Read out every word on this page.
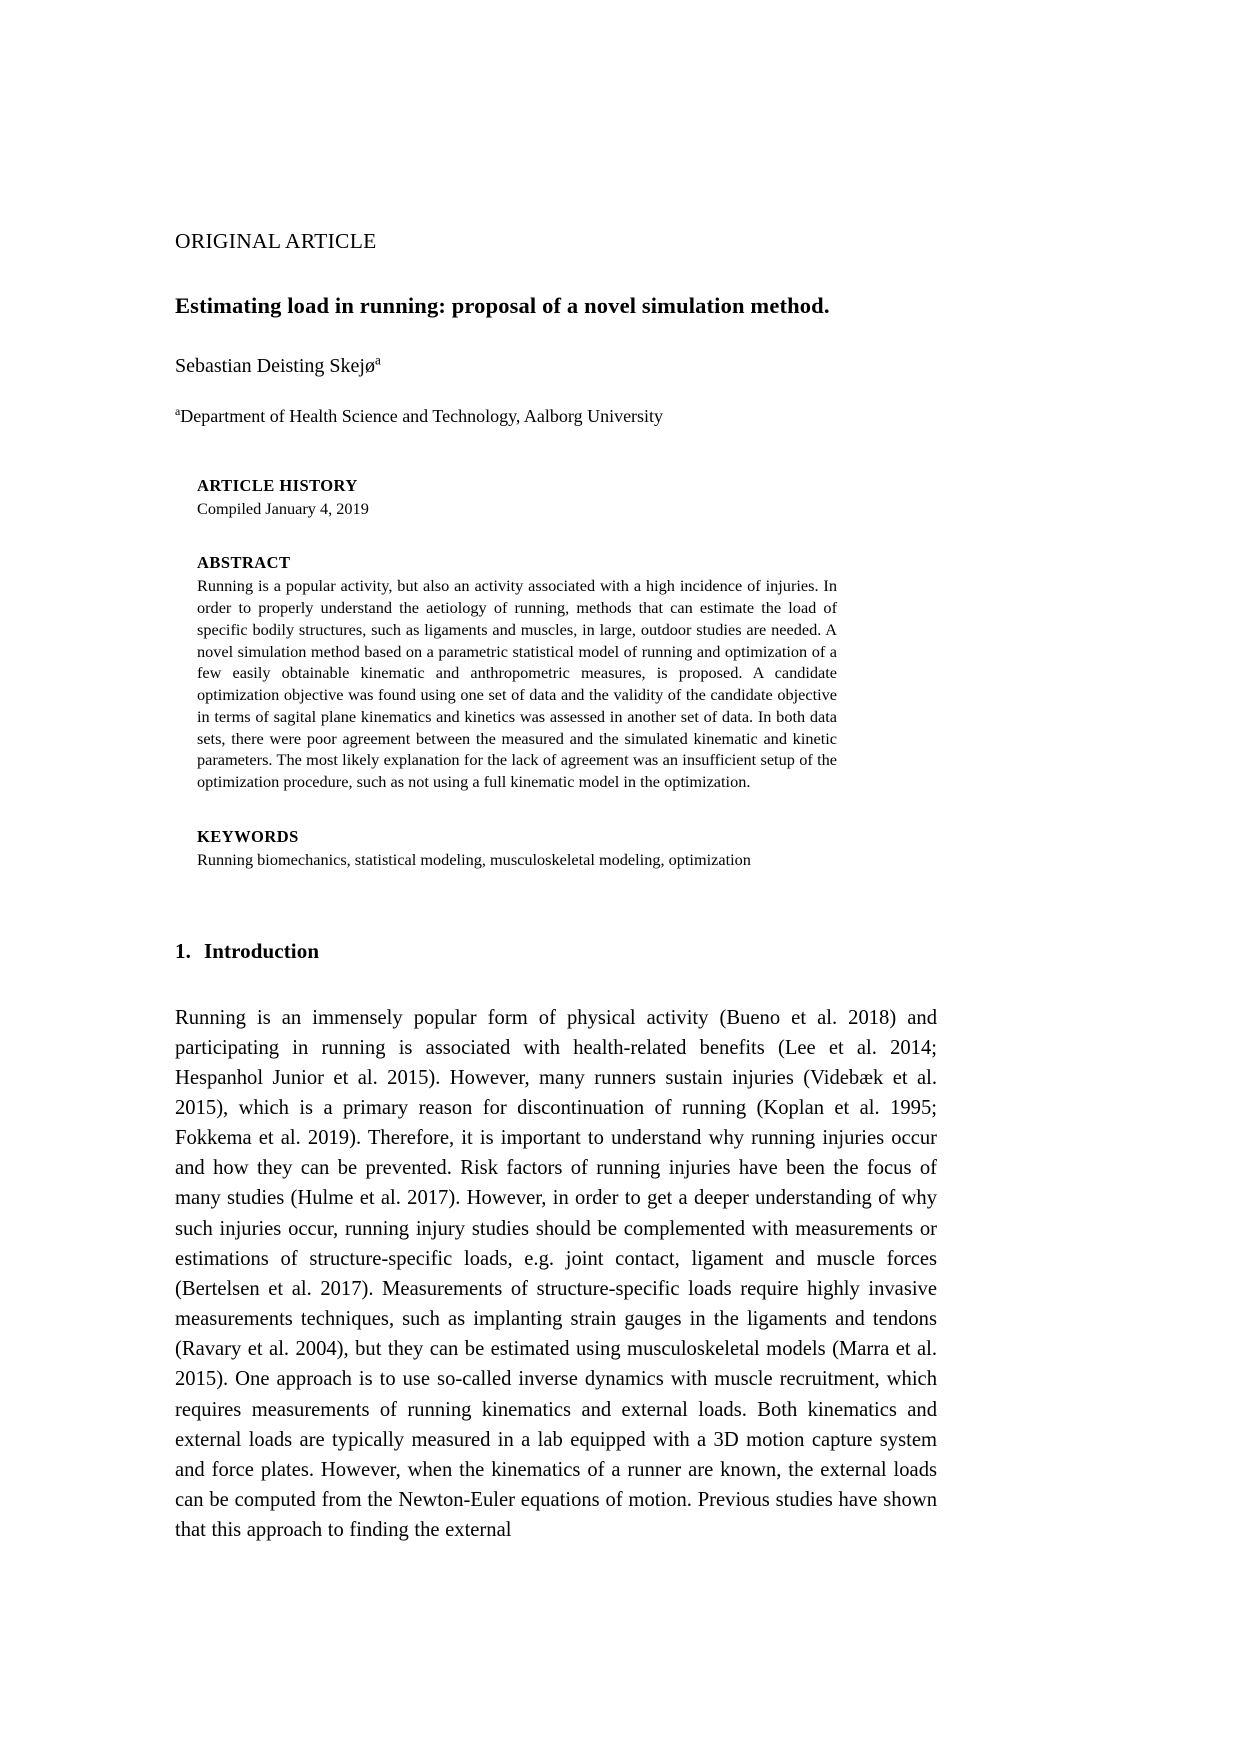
ORIGINAL ARTICLE

Estimating load in running: proposal of a novel simulation method.

Sebastian Deisting Skejø$^a$

$^a$Department of Health Science and Technology, Aalborg University

ARTICLE HISTORY

Compiled January 4, 2019

ABSTRACT

Running is a popular activity, but also an activity associated with a high incidence of injuries. In order to properly understand the aetiology of running, methods that can estimate the load of specific bodily structures, such as ligaments and muscles, in large, outdoor studies are needed. A novel simulation method based on a parametric statistical model of running and optimization of a few easily obtainable kinematic and anthropometric measures, is proposed. A candidate optimization objective was found using one set of data and the validity of the candidate objective in terms of sagital plane kinematics and kinetics was assessed in another set of data. In both data sets, there were poor agreement between the measured and the simulated kinematic and kinetic parameters. The most likely explanation for the lack of agreement was an insufficient setup of the optimization procedure, such as not using a full kinematic model in the optimization.

KEYWORDS

Running biomechanics, statistical modeling, musculoskeletal modeling, optimization

1. Introduction

Running is an immensely popular form of physical activity (Bueno et al. 2018) and participating in running is associated with health-related benefits (Lee et al. 2014; Hespanhol Junior et al. 2015). However, many runners sustain injuries (Videbæk et al. 2015), which is a primary reason for discontinuation of running (Koplan et al. 1995; Fokkema et al. 2019). Therefore, it is important to understand why running injuries occur and how they can be prevented. Risk factors of running injuries have been the focus of many studies (Hulme et al. 2017). However, in order to get a deeper understanding of why such injuries occur, running injury studies should be complemented with measurements or estimations of structure-specific loads, e.g. joint contact, ligament and muscle forces (Bertelsen et al. 2017). Measurements of structure-specific loads require highly invasive measurements techniques, such as implanting strain gauges in the ligaments and tendons (Ravary et al. 2004), but they can be estimated using musculoskeletal models (Marra et al. 2015). One approach is to use so-called inverse dynamics with muscle recruitment, which requires measurements of running kinematics and external loads. Both kinematics and external loads are typically measured in a lab equipped with a 3D motion capture system and force plates. However, when the kinematics of a runner are known, the external loads can be computed from the Newton-Euler equations of motion. Previous studies have shown that this approach to finding the external
